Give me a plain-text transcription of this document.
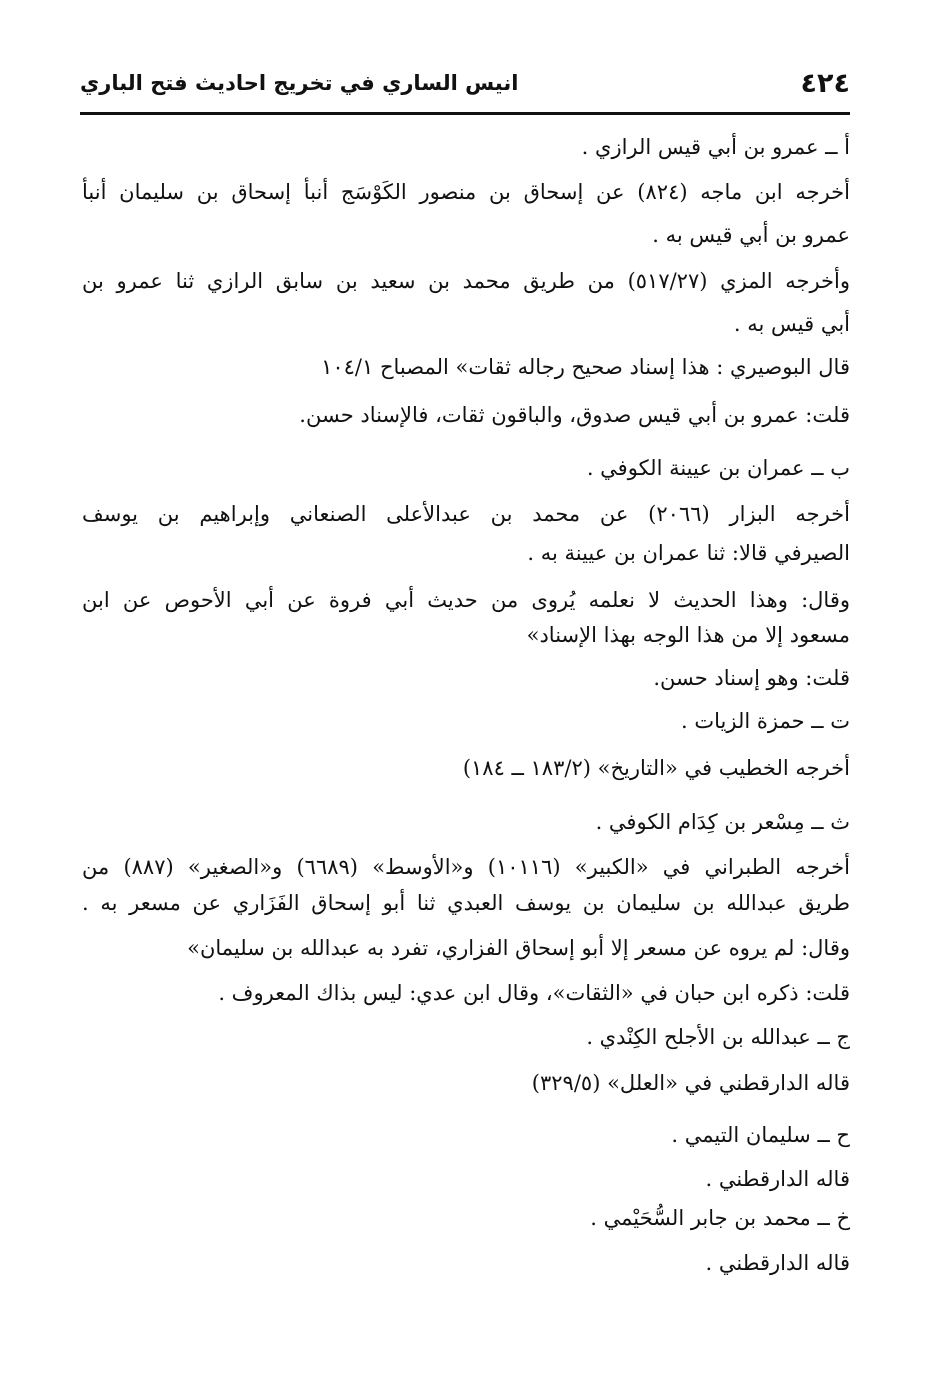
٤٢٤
انيس الساري في تخريج احاديث فتح الباري
أ ــ عمرو بن أبي قيس الرازي .
أخرجه ابن ماجه (٨٢٤) عن إسحاق بن منصور الكَوْسَج أنبأ إسحاق بن سليمان أنبأ
عمرو بن أبي قيس به .
وأخرجه المزي (٥١٧/٢٧) من طريق محمد بن سعيد بن سابق الرازي ثنا عمرو بن
أبي قيس به .
قال البوصيري : هذا إسناد صحيح رجاله ثقات» المصباح ١٠٤/١
قلت: عمرو بن أبي قيس صدوق، والباقون ثقات، فالإسناد حسن.
ب ــ عمران بن عيينة الكوفي .
أخرجه البزار (٢٠٦٦) عن محمد بن عبدالأعلى الصنعاني وإبراهيم بن يوسف
الصيرفي قالا: ثنا عمران بن عيينة به .
وقال: وهذا الحديث لا نعلمه يُروى من حديث أبي فروة عن أبي الأحوص عن ابن
مسعود إلا من هذا الوجه بهذا الإسناد»
قلت: وهو إسناد حسن.
ت ــ حمزة الزيات .
أخرجه الخطيب في «التاريخ» (١٨٣/٢ ــ ١٨٤)
ث ــ مِسْعر بن كِدَام الكوفي .
أخرجه الطبراني في «الكبير» (١٠١١٦) و«الأوسط» (٦٦٨٩) و«الصغير» (٨٨٧) من
طريق عبدالله بن سليمان بن يوسف العبدي ثنا أبو إسحاق الفَزَاري عن مسعر به .
وقال: لم يروه عن مسعر إلا أبو إسحاق الفزاري، تفرد به عبدالله بن سليمان»
قلت: ذكره ابن حبان في «الثقات»، وقال ابن عدي: ليس بذاك المعروف .
ج ــ عبدالله بن الأجلح الكِنْدي .
قاله الدارقطني في «العلل» (٣٢٩/٥)
ح ــ سليمان التيمي .
قاله الدارقطني .
خ ــ محمد بن جابر السُّحَيْمي .
قاله الدارقطني .
